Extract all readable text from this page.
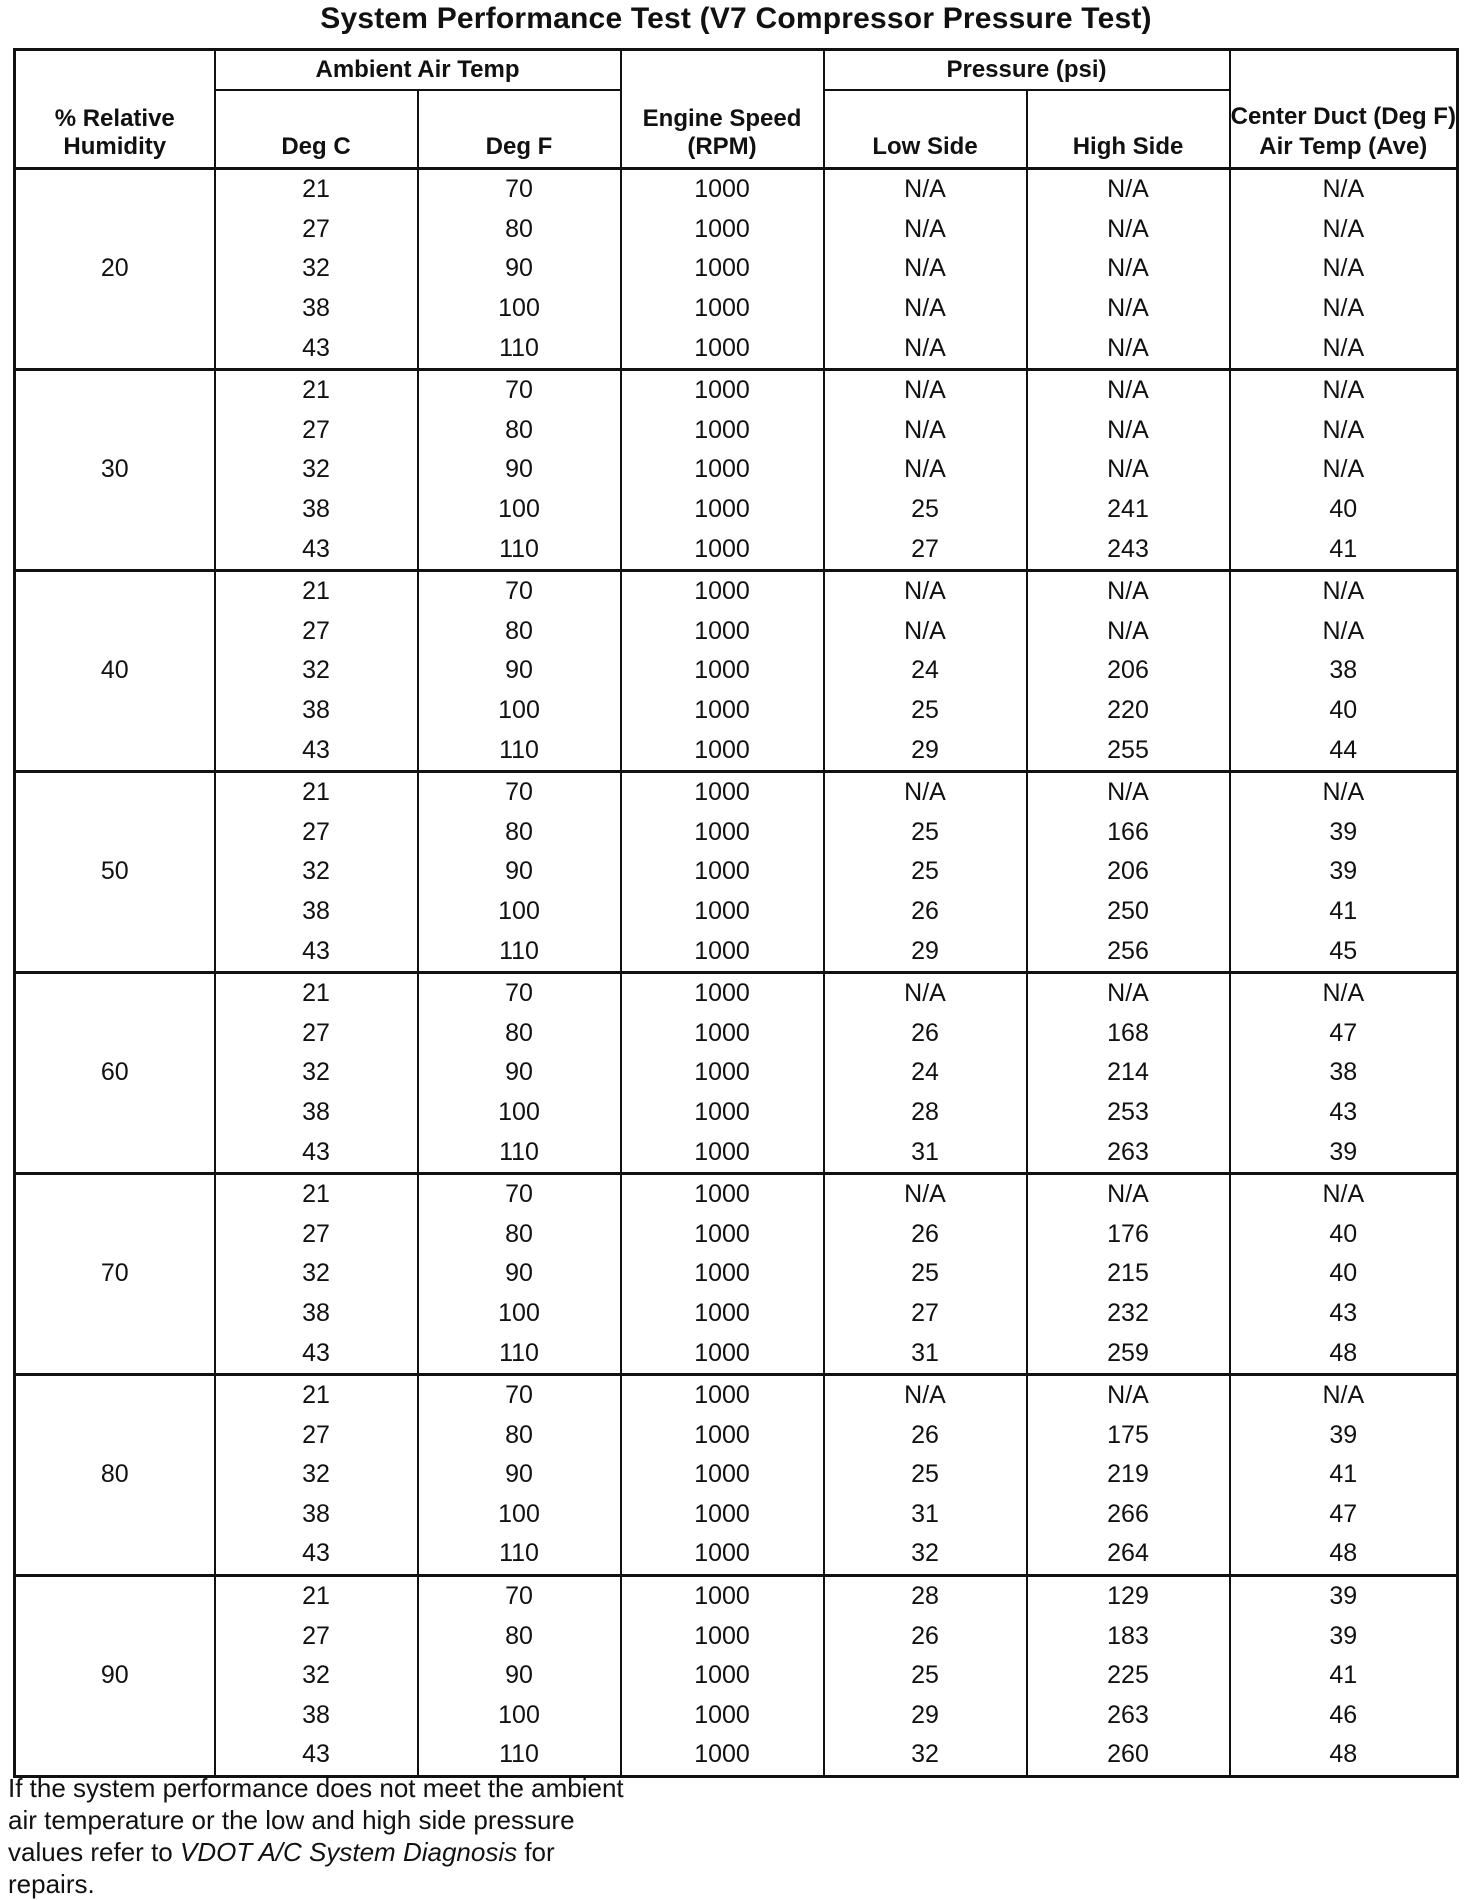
System Performance Test (V7 Compressor Pressure Test)
% Relative Humidity	Ambient Air Temp		Engine Speed (RPM)	Pressure (psi)		Center Duct (Deg F)
Air Temp (Ave)

	Deg C	Deg F		Low Side	High Side	
20	21	70	1000	N/A	N/A	N/A
	27	80	1000	N/A	N/A	N/A
	32	90	1000	N/A	N/A	N/A
	38	100	1000	N/A	N/A	N/A
	43	110	1000	N/A	N/A	N/A
30	21	70	1000	N/A	N/A	N/A
	27	80	1000	N/A	N/A	N/A
	32	90	1000	N/A	N/A	N/A
	38	100	1000	25	241	40
	43	110	1000	27	243	41
40	21	70	1000	N/A	N/A	N/A
	27	80	1000	N/A	N/A	N/A
	32	90	1000	24	206	38
	38	100	1000	25	220	40
	43	110	1000	29	255	44
50	21	70	1000	N/A	N/A	N/A
	27	80	1000	25	166	39
	32	90	1000	25	206	39
	38	100	1000	26	250	41
	43	110	1000	29	256	45
60	21	70	1000	N/A	N/A	N/A
	27	80	1000	26	168	47
	32	90	1000	24	214	38
	38	100	1000	28	253	43
	43	110	1000	31	263	39
70	21	70	1000	N/A	N/A	N/A
	27	80	1000	26	176	40
	32	90	1000	25	215	40
	38	100	1000	27	232	43
	43	110	1000	31	259	48
80	21	70	1000	N/A	N/A	N/A
	27	80	1000	26	175	39
	32	90	1000	25	219	41
	38	100	1000	31	266	47
	43	110	1000	32	264	48
90	21	70	1000	28	129	39
	27	80	1000	26	183	39
	32	90	1000	25	225	41
	38	100	1000	29	263	46
	43	110	1000	32	260	48
If the system performance does not meet the ambient air temperature or the low and high side pressure values refer to VDOT A/C System Diagnosis for repairs.
